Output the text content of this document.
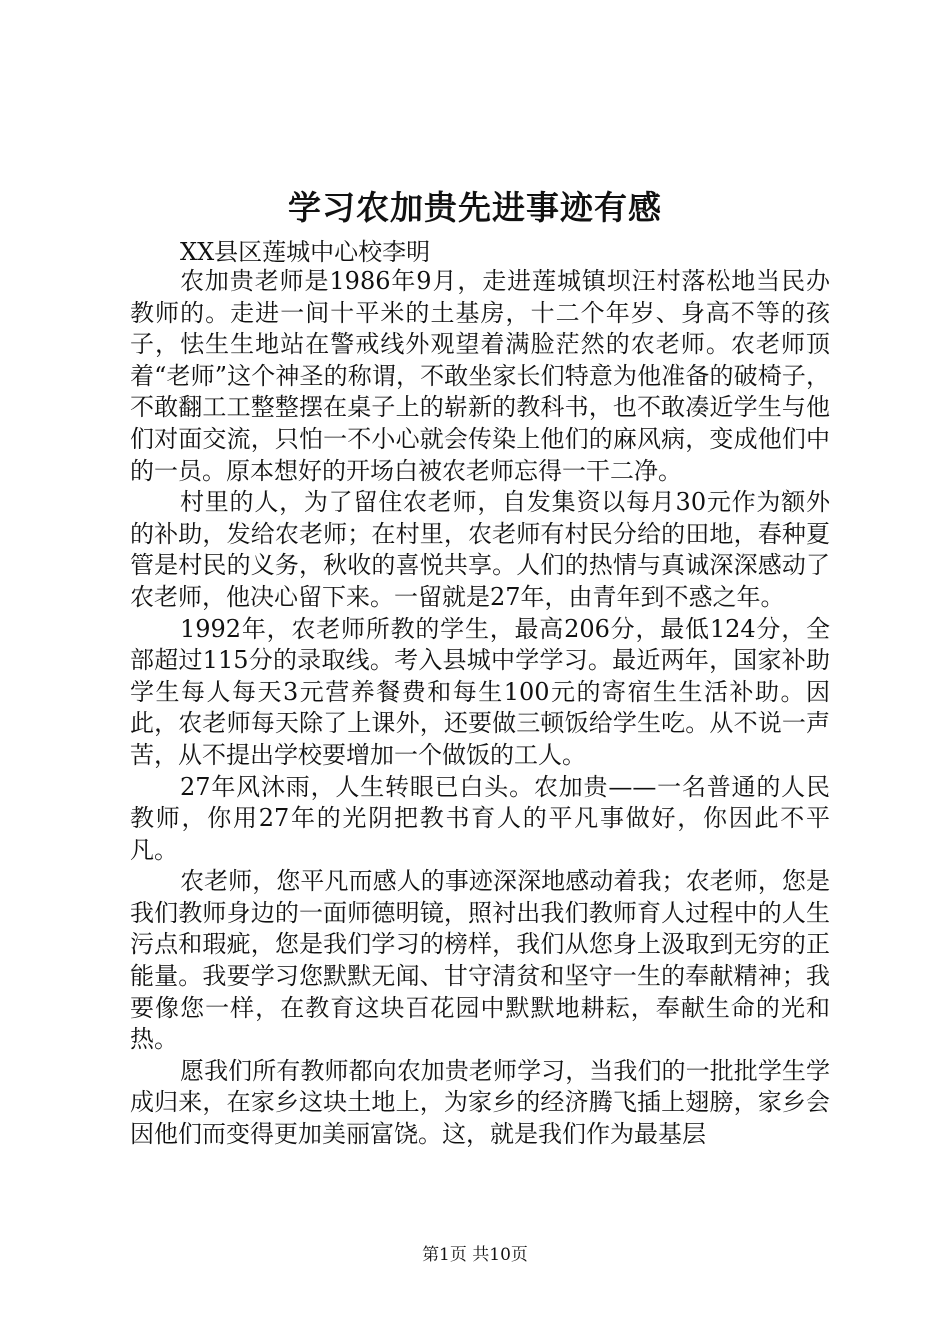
学习农加贵先进事迹有感
XX县区莲城中心校李明

农加贵老师是1986年9月，走进莲城镇坝汪村落松地当民办教师的。走进一间十平米的土基房，十二个年岁、身高不等的孩子，怯生生地站在警戒线外观望着满脸茫然的农老师。农老师顶着“老师”这个神圣的称谓，不敢坐家长们特意为他准备的破椅子，不敢翻工工整整摆在桌子上的崭新的教科书，也不敢凑近学生与他们对面交流，只怕一不小心就会传染上他们的麻风病，变成他们中的一员。原本想好的开场白被农老师忘得一干二净。

村里的人，为了留住农老师，自发集资以每月30元作为额外的补助，发给农老师；在村里，农老师有村民分给的田地，春种夏管是村民的义务，秋收的喜悦共享。人们的热情与真诚深深感动了农老师，他决心留下来。一留就是27年，由青年到不惑之年。

1992年，农老师所教的学生，最高206分，最低124分，全部超过115分的录取线。考入县城中学学习。最近两年，国家补助学生每人每天3元营养餐费和每生100元的寄宿生生活补助。因此，农老师每天除了上课外，还要做三顿饭给学生吃。从不说一声苦，从不提出学校要增加一个做饭的工人。

27年风沐雨，人生转眼已白头。农加贵——一名普通的人民教师，你用27年的光阴把教书育人的平凡事做好，你因此不平凡。

农老师，您平凡而感人的事迹深深地感动着我；农老师，您是我们教师身边的一面师德明镜，照衬出我们教师育人过程中的人生污点和瑕疵，您是我们学习的榜样，我们从您身上汲取到无穷的正能量。我要学习您默默无闻、甘守清贫和坚守一生的奉献精神；我要像您一样，在教育这块百花园中默默地耕耘，奉献生命的光和热。

愿我们所有教师都向农加贵老师学习，当我们的一批批学生学成归来，在家乡这块土地上，为家乡的经济腾飞插上翅膀，家乡会因他们而变得更加美丽富饶。这，就是我们作为最基层

第1页 共10页
